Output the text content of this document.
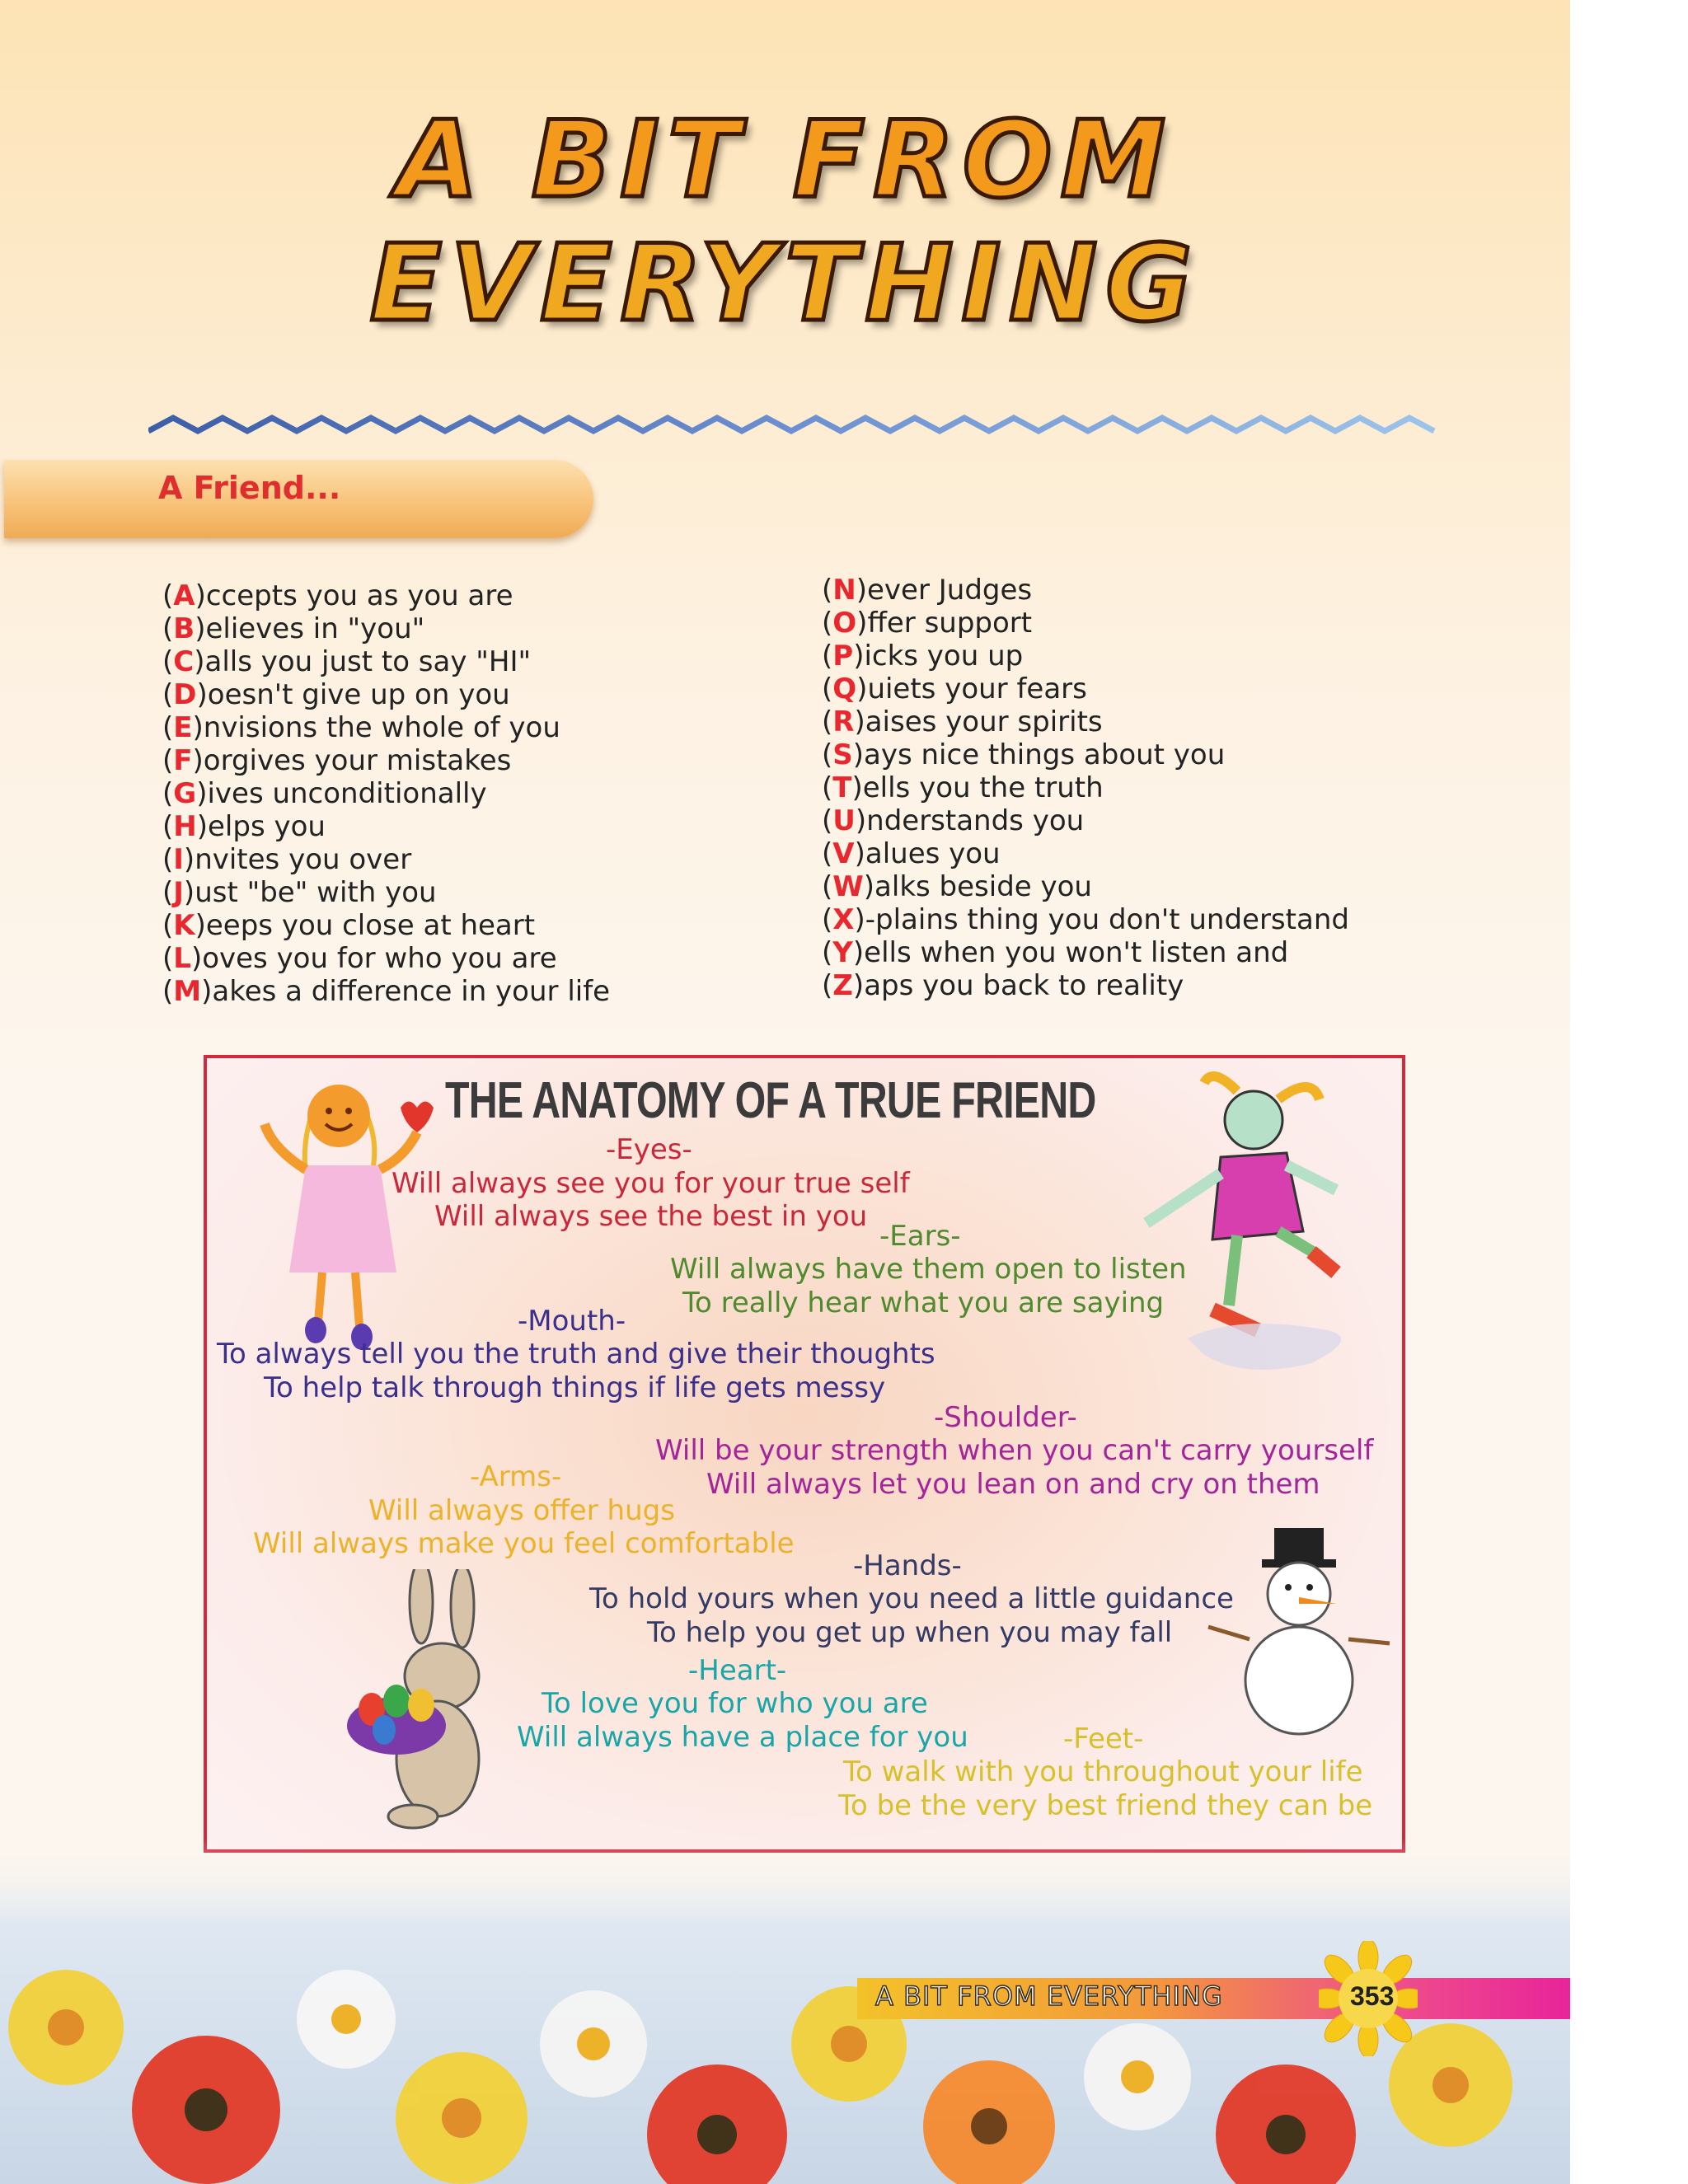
A BIT FROM
EVERYTHING
A Friend...
(A)ccepts you as you are
(B)elieves in "you"
(C)alls you just to say "HI"
(D)oesn't give up on you
(E)nvisions the whole of you
(F)orgives your mistakes
(G)ives unconditionally
(H)elps you
(I)nvites you over
(J)ust "be" with you
(K)eeps you close at heart
(L)oves you for who you are
(M)akes a difference in your life
(N)ever Judges
(O)ffer support
(P)icks you up
(Q)uiets your fears
(R)aises your spirits
(S)ays nice things about you
(T)ells you the truth
(U)nderstands you
(V)alues you
(W)alks beside you
(X)-plains thing you don't understand
(Y)ells when you won't listen and
(Z)aps you back to reality
THE ANATOMY OF A TRUE FRIEND
-Eyes-
Will always see you for your true self
Will always see the best in you
-Ears-
Will always have them open to listen
To really hear what you are saying
-Mouth-
To always tell you the truth and give their thoughts
To help talk through things if life gets messy
-Shoulder-
Will be your strength when you can't carry yourself
Will always let you lean on and cry on them
-Arms-
Will always offer hugs
Will always make you feel comfortable
-Hands-
To hold yours when you need a little guidance
To help you get up when you may fall
-Heart-
To love you for who you are
Will always have a place for you	-Feet-
To walk with you throughout your life
To be the very best friend they can be
A BIT FROM EVERYTHING	353
